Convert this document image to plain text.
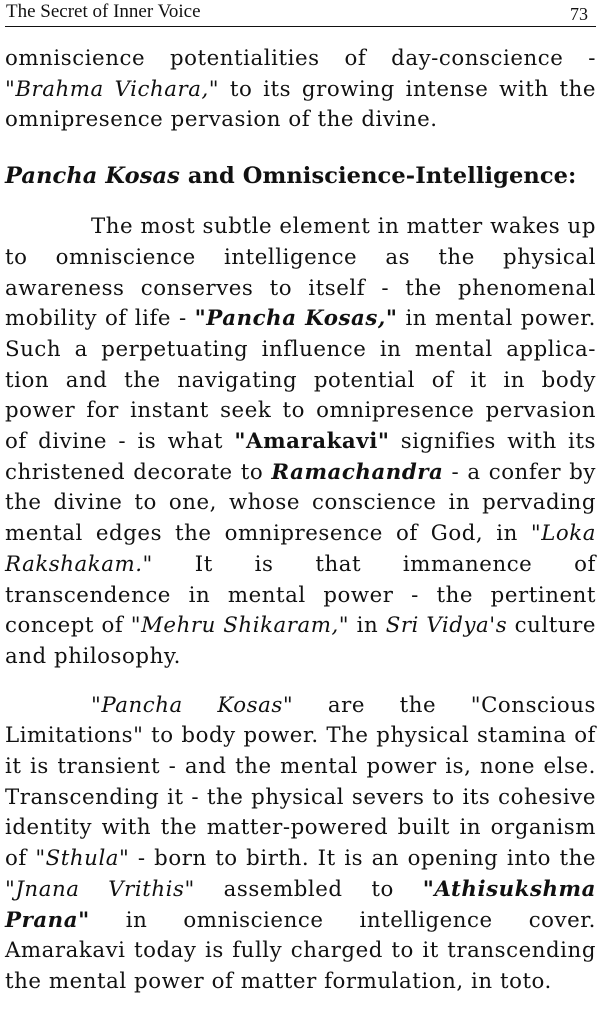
The Secret of Inner Voice	73

omniscience potentialities of day-conscience - "Brahma Vichara," to its growing intense with the omnipresence pervasion of the divine.

Pancha Kosas and Omniscience-Intelligence:

The most subtle element in matter wakes up to omniscience intelligence as the physical awareness conserves to itself - the phenomenal mobility of life - "Pancha Kosas," in mental power. Such a perpetuating influence in mental applica-tion and the navigating potential of it in body power for instant seek to omnipresence pervasion of divine - is what "Amarakavi" signifies with its christened decorate to Ramachandra - a confer by the divine to one, whose conscience in pervading mental edges the omnipresence of God, in "Loka Rakshakam." It is that immanence of transcendence in mental power - the pertinent concept of "Mehru Shikaram," in Sri Vidya's culture and philosophy.

"Pancha Kosas" are the "Conscious Limitations" to body power. The physical stamina of it is transient - and the mental power is, none else. Transcending it - the physical severs to its cohesive identity with the matter-powered built in organism of "Sthula" - born to birth. It is an opening into the "Jnana Vrithis" assembled to "Athisukshma Prana" in omniscience intelligence cover. Amarakavi today is fully charged to it transcending the mental power of matter formulation, in toto.
